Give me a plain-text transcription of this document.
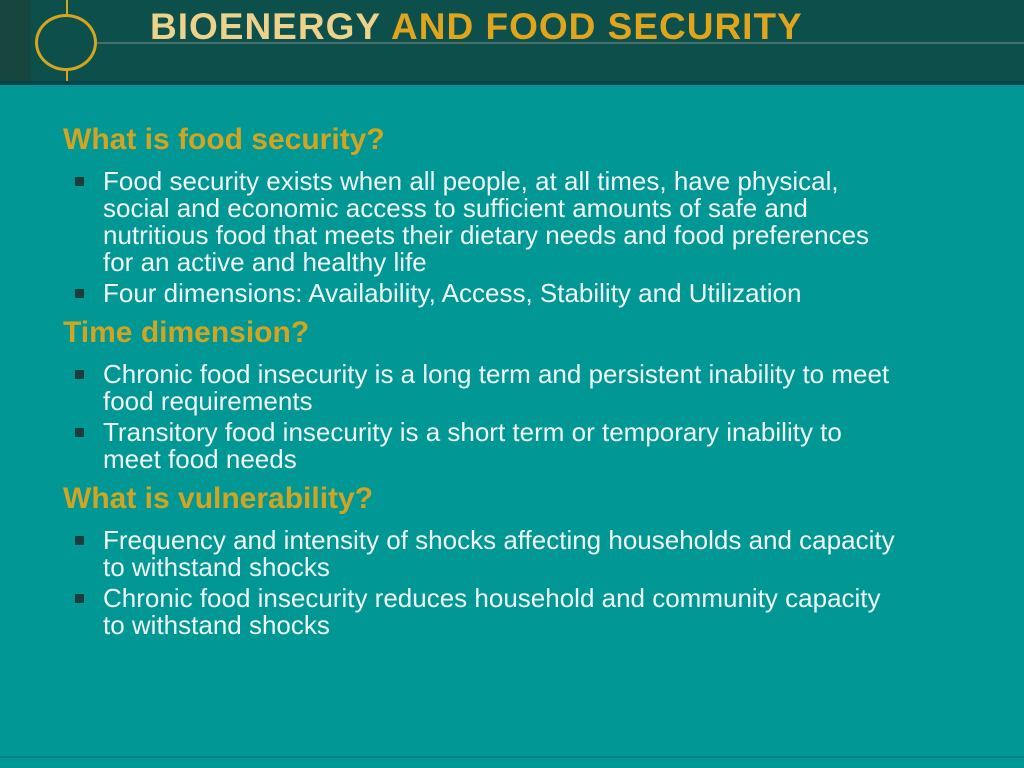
BIOENERGY AND FOOD SECURITY
What is food security?
Food security exists when all people, at all times, have physical,
social and economic access to sufficient amounts of safe and
nutritious food that meets their dietary needs and food preferences
for an active and healthy life
Four dimensions: Availability, Access, Stability and Utilization
Time dimension?
Chronic food insecurity is a long term and persistent inability to meet
food requirements
Transitory food insecurity is a short term or temporary inability to
meet food needs
What is vulnerability?
Frequency and intensity of shocks affecting households and capacity
to withstand shocks
Chronic food insecurity reduces household and community capacity
to withstand shocks
